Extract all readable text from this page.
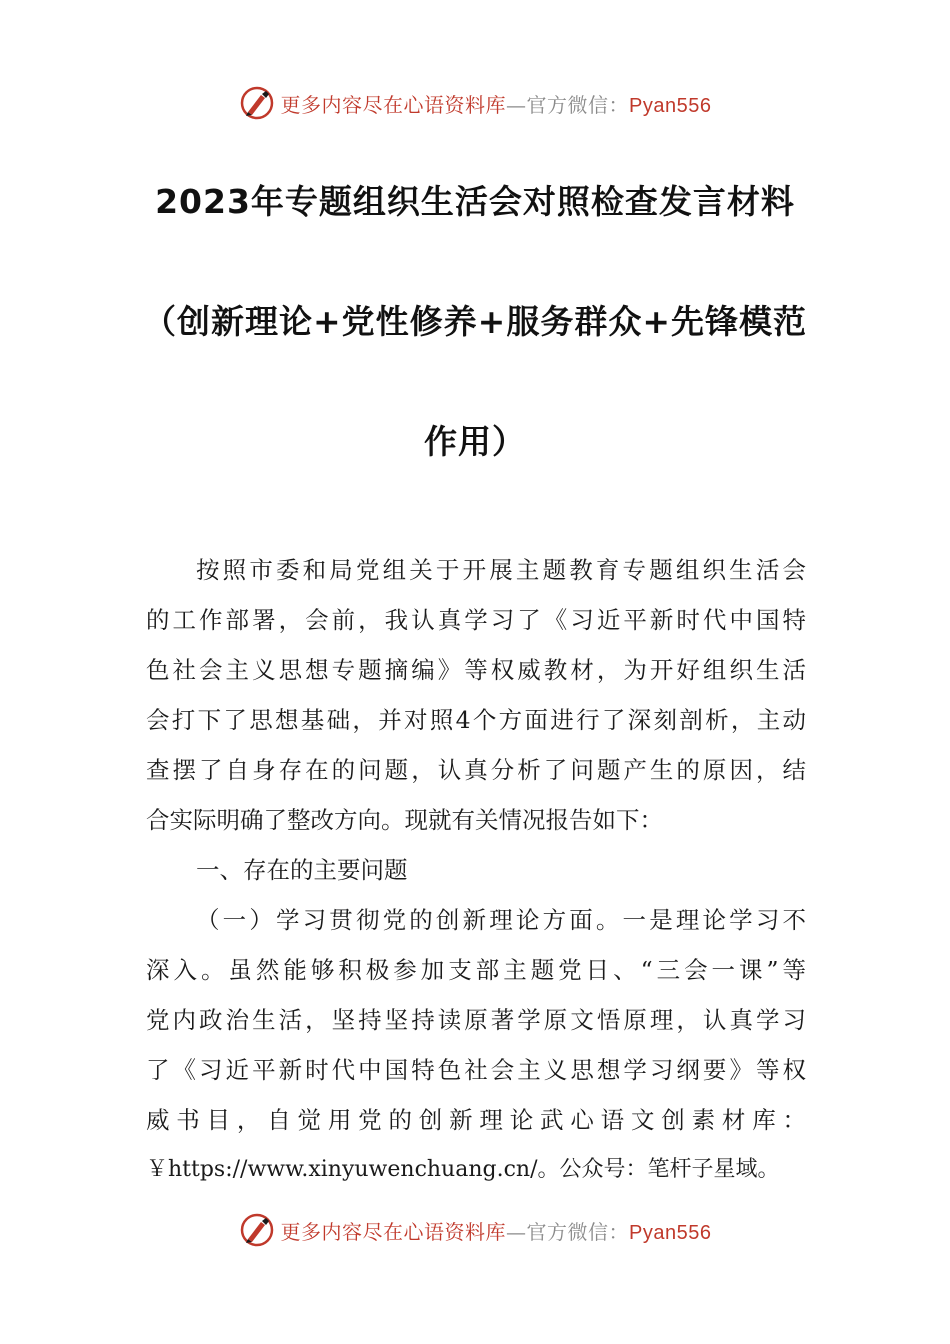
更多内容尽在心语资料库—官方微信：Pyan556
2023年专题组织生活会对照检查发言材料
（创新理论+党性修养+服务群众+先锋模范
作用）
按照市委和局党组关于开展主题教育专题组织生活会
的工作部署，会前，我认真学习了《习近平新时代中国特
色社会主义思想专题摘编》等权威教材，为开好组织生活
会打下了思想基础，并对照4个方面进行了深刻剖析，主动
查摆了自身存在的问题，认真分析了问题产生的原因，结
合实际明确了整改方向。现就有关情况报告如下：
一、存在的主要问题
（一）学习贯彻党的创新理论方面。一是理论学习不
深入。虽然能够积极参加支部主题党日、“三会一课”等
党内政治生活，坚持坚持读原著学原文悟原理，认真学习
了《习近平新时代中国特色社会主义思想学习纲要》等权
威书目，自觉用党的创新理论武心语文创素材库：
￥https://www.xinyuwenchuang.cn/。公众号：笔杆子星域。
更多内容尽在心语资料库—官方微信：Pyan556
